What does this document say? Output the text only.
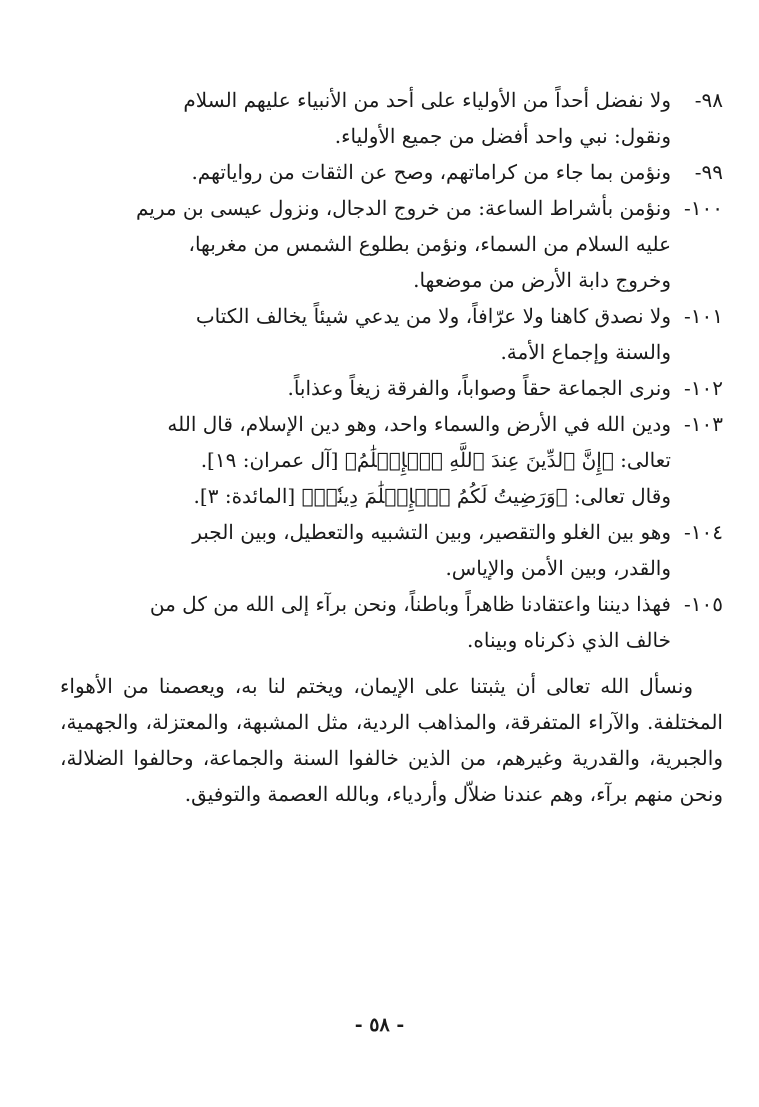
٩٨-
ولا نفضل أحداً من الأولياء على أحد من الأنبياء عليهم السلام
ونقول: نبي واحد أفضل من جميع الأولياء.
٩٩-
ونؤمن بما جاء من كراماتهم، وصح عن الثقات من رواياتهم.
١٠٠-
ونؤمن بأشراط الساعة: من خروج الدجال، ونزول عيسى بن مريم
عليه السلام من السماء، ونؤمن بطلوع الشمس من مغربها،
وخروج دابة الأرض من موضعها.
١٠١-
ولا نصدق كاهنا ولا عرّافاً، ولا من يدعي شيئاً يخالف الكتاب
والسنة وإجماع الأمة.
١٠٢-
ونرى الجماعة حقاً وصواباً، والفرقة زيغاً وعذاباً.
١٠٣-
ودين الله في الأرض والسماء واحد، وهو دين الإسلام، قال الله
تعالى: ﴿إِنَّ ٱلدِّينَ عِندَ ٱللَّهِ ٱلۡإِسۡلَٰمُ﴾ [آل عمران: ١٩].
وقال تعالى: ﴿وَرَضِيتُ لَكُمُ ٱلۡإِسۡلَٰمَ دِينٗاۚ﴾ [المائدة: ٣].
١٠٤-
وهو بين الغلو والتقصير، وبين التشبيه والتعطيل، وبين الجبر
والقدر، وبين الأمن والإياس.
١٠٥-
فهذا ديننا واعتقادنا ظاهراً وباطناً، ونحن برآء إلى الله من كل من
خالف الذي ذكرناه وبيناه.

ونسأل الله تعالى أن يثبتنا على الإيمان، ويختم لنا به، ويعصمنا من الأهواء المختلفة. والآراء المتفرقة، والمذاهب الردية، مثل المشبهة، والمعتزلة، والجهمية، والجبرية، والقدرية وغيرهم، من الذين خالفوا السنة والجماعة، وحالفوا الضلالة، ونحن منهم برآء، وهم عندنا ضلاّل وأردياء، وبالله العصمة والتوفيق.

- ٥٨ -
